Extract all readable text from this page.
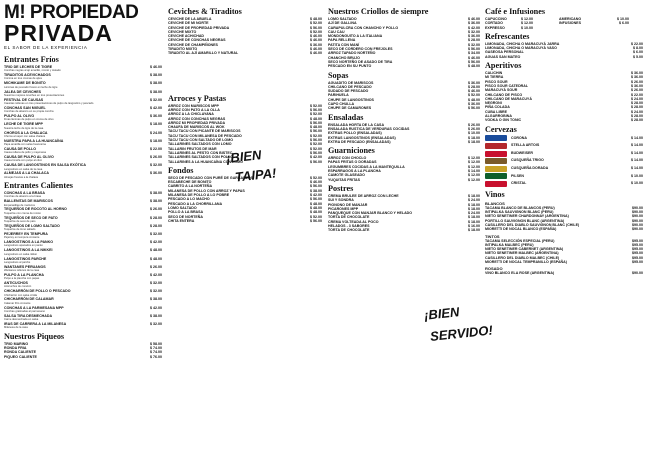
M! PROPIEDAD
PRIVADA
EL SABOR DE LA EXPERIENCIA
Entrantes Fríos
TRIO DE LECHES DE TIGRE	$ 46.00
Conchas negras al ají amarillo, rocoto y tostado
TIRADITOS ACEVICHADOS	$ 38.00
Corvina en tres cremas de ajíes
MICHIKAME DE BONITO	$ 38.00
Láminas de pescado fresco en leche de tigre
JALEA DE CEVICHES	$ 38.00
Nuestros mejores ceviches en tres presentaciones
FESTIVAL DE CAUSAS	$ 32.00
Causitas rellenas en tres presentaciones de pulpo de langostino y pescado
CONCHAS SAN MIGUEL	$ 42.00
Conchas de abanico en su propia concha
PULPO AL OLIVO	$ 36.00
Finas láminas de pulpo en crema de olivo
LECHE DE TIGRE MPP	$ 18.00
Nuestra leche de tigre de la casa
CHOROS A LA CHALACA	$ 24.00
Choros al vapor con salsa chalaca
NUESTRA PAPA A LA HUANCAÍNA	$ 18.00
Papa amarilla con salsa huancaína
CAUSA DE POLLO	$ 22.00
Causa rellena de pollo y mayonesa
CAUSA DE PULPO AL OLIVO	$ 26.00
Causa limeña con pulpo al olivo
CAUSA DE LANGOSTINOS EN SALSA EXÓTICA	$ 32.00
Langostinos en salsa de la casa
ALMEJAS A LA CHALACA	$ 36.00
Almejas frescas a la chalaca
Entrantes Calientes
CONCHAS A LA BRASA	$ 38.00
Conchas de abanico a la brasa
BALLENITAS DE MARISCOS	$ 38.00
Empanaditas de mariscos
TEQUEÑOS DE ROCOTO AL HORNO	$ 26.00
Tequeños con crema de rocoto
TEQUEÑOS DE SECO DE PATO	$ 28.00
Tequeños de seco de pato
TEQUEÑOS DE LOMO SALTADO	$ 28.00
Tequeños de lomo saltado
PEJERREY EN TEMPURA	$ 32.00
Pejerrey en tempura crocante
LANGOSTINOS A LA PANKO	$ 42.00
Langostinos apanados en panko
LANGOSTINOS A LA NIKKEI	$ 48.00
Langostinos en salsa nikkei
LANGOSTINOS PARCHE	$ 48.00
Langostinos al parche
WANTANES PERUANOS	$ 26.00
Wantanes rellenos de la casa
PULPO A LA PLANCHA	$ 42.00
Pulpo a la plancha con papas
ANTICUCHOS	$ 32.00
Anticuchos de corazón
CHICHARRÓN DE POLLO O PESCADO	$ 32.00
Chicharrón con salsa criolla
CHICHARRÓN DE CALAMAR	$ 38.00
Calamar frito crocante
CONCHAS A LA PARMESANA MPP	$ 42.00
Conchas gratinadas al parmesano
SALSA TIRA DESMECHADA	$ 38.00
Carne desmechada en salsa
IRAS DE CARRERA A LA MILANESA	$ 32.00
Milanesa de la casa
Nuestros Piqueos
TRIO MARINO	$ 58.00
RONDA FRIA	$ 74.00
RONDA CALIENTE	$ 74.00
PIQUEO CALIENTE	$ 76.00
Ceviches & Tiraditos
CEVICHE DE LA ABUELA	$ 48.00
CEVICHE DE MI NORTE	$ 52.00
CEVICHE DE PROPIEDAD PRIVADA	$ 56.00
CEVICHE MIXTO	$ 52.00
CEVICHE ACHICHAD	$ 46.00
CEVICHE DE CONCHAS NEGRAS	$ 46.00
CEVICHE DE CHAMPIÑONES	$ 36.00
TIRADITO MIXTO	$ 46.00
TIRADITO AL AJÍ AMARILLO Y NATURAL	$ 46.00
Arroces y Pastas
ARROZ CON MARISCOS MPP	$ 52.00
ARROZ CON PATO A LA OLLA	$ 56.00
ARROZ A LA CHICLAYANA	$ 52.00
ARROZ CON CONCHAS NEGRAS	$ 48.00
ARROZ MI PROPIEDAD PRIVADA	$ 56.00
CHAUFA DE MARISCOS AL WOK	$ 48.00
TACU TACU CON PICANTE DE MARISCOS	$ 56.00
TACU TACU CON MILANESA DE PESCADO	$ 52.00
TACU TACU CON SALTADO DE LOMO	$ 56.00
TALLARINES SALTADOS CON LOMO	$ 52.00
TALLARIN FRUTOS DE MAR	$ 52.00
TALLARINES AL PESTO CON BISTEC	$ 56.00
TALLARINES SALTADOS CON POLLO	$ 42.00
TALLARINES A LA HUANCAÍNA CON LOMO	$ 56.00
Fondos
SECO DE PESCADO CON PURÉ DE GARBANZOS	$ 52.00
ESCABECHE DE BONITO	$ 46.00
CABRITO A LA NORTEÑA	$ 56.00
MILANESA DE POLLO CON ARROZ Y PAPAS	$ 38.00
MILANESA DE POLLO A LO POBRE	$ 42.00
PESCADO A LO MACHO	$ 56.00
PESCADO A LA CHORRILLANA	$ 48.00
LOMO SALTADO	$ 48.00
POLLO A LA BRASA	$ 48.00
SECO DE NORTEÑA	$ 52.00
CHITA ENTERA	$ 56.00
Nuestros Criollos de siempre
LOMO SALTADO	$ 46.00
AJÍ DE GALLINA	$ 36.00
CARAPULCRA CON CHANCHO Y POLLO	$ 42.00
CAU CAU	$ 32.00
MONDONGUITO A LA ITALIANA	$ 36.00
PAPA RELLENA	$ 28.00
PATITA CON MANÍ	$ 32.00
SECO DE CORDERO CON FREJOLES	$ 56.00
ARROZ TAPADO NORTEÑO	$ 34.00
CHANCHO BRUJO	$ 46.00
SECO NORTEÑO DE ASADO DE TIRA	$ 56.00
PESCADO EN SU PUNTO	$ 48.00
Sopas
AGUADITO DE MARISCOS	$ 36.00
CHILCANO DE PESCADO	$ 28.00
SUDADO DE PESCADO	$ 46.00
PARIHUELA	$ 52.00
CHUPE DE LANGOSTINOS	$ 48.00
CAPO CHULLA	$ 36.00
CHUPE DE CAMARONES	$ 56.00
Ensaladas
ENSALADA HORTA DE LA CASA	$ 26.00
ENSALADA RUSTICA DE VERDURAS COCIDAS	$ 26.00
EXTRAS POLLO (ENSALADAS)	$ 10.00
EXTRAS LANGOSTINOS (ENSALADAS)	$ 18.00
EXTRA DE PESCADO (ENSALADAS)	$ 18.00
Guarniciones
ARROZ CON CHOCLO	$ 12.00
PAPAS FRITAS O DORADAS	$ 12.00
LEGUMBRES COCIDAS A LA MANTEQUILLA	$ 12.00
ESPARRAGOS A LA PLANCHA	$ 14.00
CAMOTE GLASEADO	$ 12.00
YUQUITAS FRITAS	$ 12.00
Postres
CREMA BRULEE DE ARROZ CON LECHE	$ 18.00
SUI Y SONDRA	$ 24.00
PIONONO DE MANJAR	$ 18.00
PICARONES MPP	$ 18.00
PANQUEQUE CON MANJAR BLANCO Y HELADO	$ 24.00
TORTA DE CHOCOLATE	$ 18.00
CREMA VOLTEADA AL POCO	$ 18.00
HELADOS - 3 SABORES	$ 16.00
TORTA DE CHOCOLATE	$ 18.00
Café e Infusiones
CAPUCCINO	$ 12.00	AMERICANO	$ 10.00
CORTADO	$ 12.00	INFUSIONES	$ 6.00
EXPRESSO	$ 10.00
Refrescantes
LIMONADA, CHICHA O MARACUYÁ JARRA	$ 22.00
LIMONADA, CHICHA O MARACUYÁ VASO	$ 8.00
GASEOSA PERSONAL	$ 6.00
AGUAS SAN MATEO	$ 5.00
Aperitivos
CALICHIN	$ 36.00
MI TIERRA	$ 36.00
PISCO SOUR	$ 26.00
PISCO SOUR CATEDRAL	$ 36.00
MARACUYÁ SOUR	$ 26.00
CHILCANO DE PISCO	$ 22.00
CHILCANO DE MARACUYÁ	$ 24.00
NEGRONI	$ 28.00
PIÑA COLADA	$ 28.00
CUBA LIBRE	$ 24.00
ALGARROBINA	$ 28.00
VODKA O GIN TONIC	$ 28.00
Cervezas
CORONA	$ 14.00
STELLA ARTOIS	$ 14.00
BUDWEISER	$ 14.00
CUSQUEÑA TRIGO	$ 14.00
CUSQUEÑA DORADA	$ 14.00
PILSEN	$ 10.00
CRISTAL	$ 10.00
Vinos
BLANCOS
TACAMA BLANCO DE BLANCOS (PERU)	$90.00
INTIPALKA SAUVIGNON BLANC (PERU)	$90.00
NIETO SENETINER CHARDONNAY (ARGENTINA)	$90.00
PORTILLO SAUVIGNON BLANC (ARGENTINA)	$90.00
CASILLERO DEL DIABLO SAUVIGNON BLANC (CHILE)	$90.00
MIORETTI DE NOCAL BLANCO (ESPAÑA)	$90.00
TINTOS
TACAMA SELECCIÓN ESPECIAL (PERU)	$95.00
INTIPALKA MALBEC (PERU)	$95.00
NIETO SENETINER CABERNET (ARGENTINA)	$95.00
NIETO SENETINER MALBEC (ARGENTINA)	$95.00
CASILLERO DEL DIABLO MALBEC (CHILE)	$95.00
MIORETTI DE NOCAL TEMPRANILLO (ESPAÑA)	$95.00
ROSADO
VINO BLANCO ELA ROSE (ARGENTINA)	$90.00
¡BIEN
TAIPA!
¡BIEN
SERVIDO!
